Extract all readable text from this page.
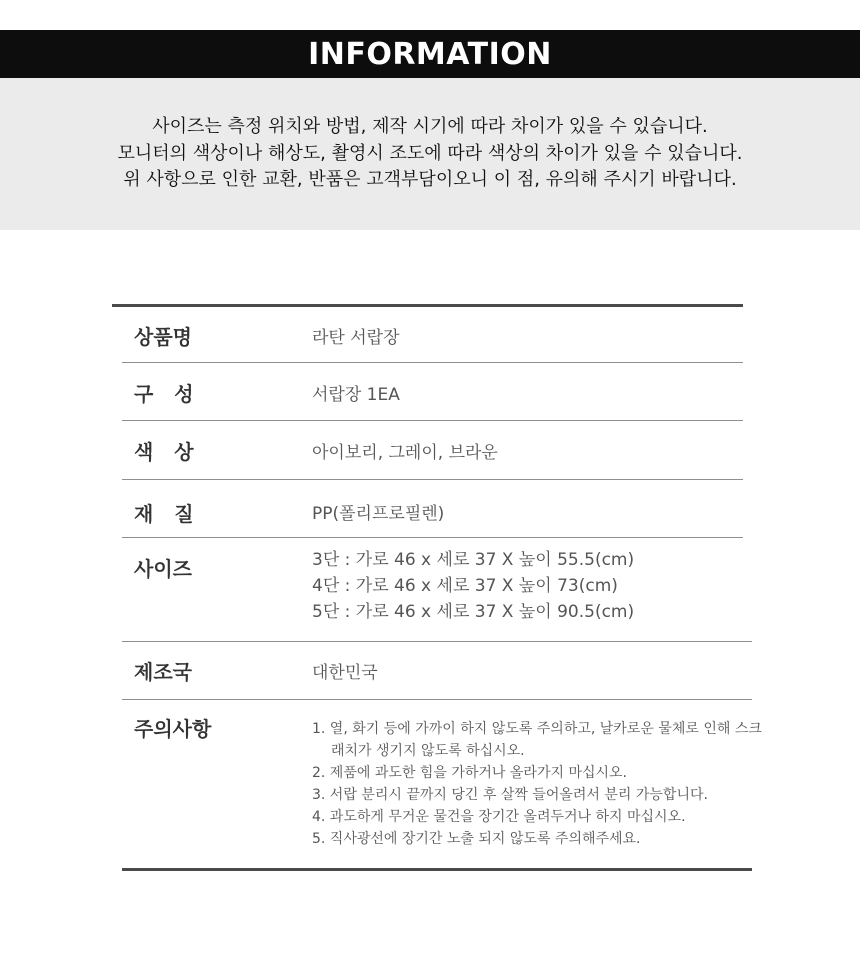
INFORMATION
사이즈는 측정 위치와 방법, 제작 시기에 따라 차이가 있을 수 있습니다.
모니터의 색상이나 해상도, 촬영시 조도에 따라 색상의 차이가 있을 수 있습니다.
위 사항으로 인한 교환, 반품은 고객부담이오니 이 점, 유의해 주시기 바랍니다.
상품명	라탄 서랍장
구   성	서랍장 1EA
색   상	아이보리, 그레이, 브라운
재   질	PP(폴리프로필렌)
사이즈	3단 : 가로 46 x 세로 37 X 높이 55.5(cm)
4단 : 가로 46 x 세로 37 X 높이 73(cm)
5단 : 가로 46 x 세로 37 X 높이 90.5(cm)
제조국	대한민국
주의사항	1. 열, 화기 등에 가까이 하지 않도록 주의하고, 날카로운 물체로 인해 스크래치가 생기지 않도록 하십시오.
2. 제품에 과도한 힘을 가하거나 올라가지 마십시오.
3. 서랍 분리시 끝까지 당긴 후 살짝 들어올려서 분리 가능합니다.
4. 과도하게 무거운 물건을 장기간 올려두거나 하지 마십시오.
5. 직사광선에 장기간 노출 되지 않도록 주의해주세요.
